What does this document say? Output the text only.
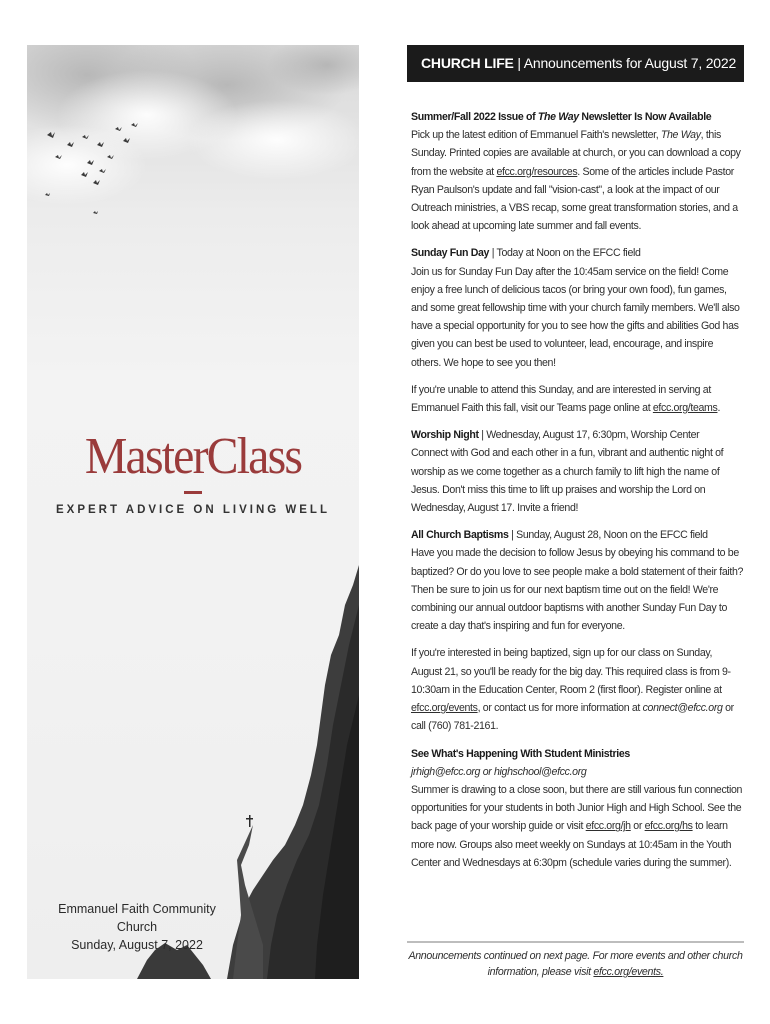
MasterClass
EXPERT ADVICE ON LIVING WELL
Emmanuel Faith Community Church
Sunday, August 7, 2022
CHURCH LIFE | Announcements for August 7, 2022
Summer/Fall 2022 Issue of The Way Newsletter Is Now Available

Pick up the latest edition of Emmanuel Faith's newsletter, The Way, this Sunday. Printed copies are available at church, or you can download a copy from the website at efcc.org/resources. Some of the articles include Pastor Ryan Paulson's update and fall "vision-cast", a look at the impact of our Outreach ministries, a VBS recap, some great transformation stories, and a look ahead at upcoming late summer and fall events.

Sunday Fun Day | Today at Noon on the EFCC field

Join us for Sunday Fun Day after the 10:45am service on the field! Come enjoy a free lunch of delicious tacos (or bring your own food), fun games, and some great fellowship time with your church family members. We'll also have a special opportunity for you to see how the gifts and abilities God has given you can best be used to volunteer, lead, encourage, and inspire others. We hope to see you then!

If you're unable to attend this Sunday, and are interested in serving at Emmanuel Faith this fall, visit our Teams page online at efcc.org/teams.

Worship Night | Wednesday, August 17, 6:30pm, Worship Center

Connect with God and each other in a fun, vibrant and authentic night of worship as we come together as a church family to lift high the name of Jesus. Don't miss this time to lift up praises and worship the Lord on Wednesday, August 17. Invite a friend!

All Church Baptisms | Sunday, August 28, Noon on the EFCC field

Have you made the decision to follow Jesus by obeying his command to be baptized? Or do you love to see people make a bold statement of their faith? Then be sure to join us for our next baptism time out on the field! We're combining our annual outdoor baptisms with another Sunday Fun Day to create a day that's inspiring and fun for everyone.

If you're interested in being baptized, sign up for our class on Sunday, August 21, so you'll be ready for the big day. This required class is from 9-10:30am in the Education Center, Room 2 (first floor). Register online at efcc.org/events, or contact us for more information at connect@efcc.org or call (760) 781-2161.

See What's Happening With Student Ministries
jrhigh@efcc.org or highschool@efcc.org

Summer is drawing to a close soon, but there are still various fun connection opportunities for your students in both Junior High and High School. See the back page of your worship guide or visit efcc.org/jh or efcc.org/hs to learn more now. Groups also meet weekly on Sundays at 10:45am in the Youth Center and Wednesdays at 6:30pm (schedule varies during the summer).

Announcements continued on next page. For more events and other church information, please visit efcc.org/events.
